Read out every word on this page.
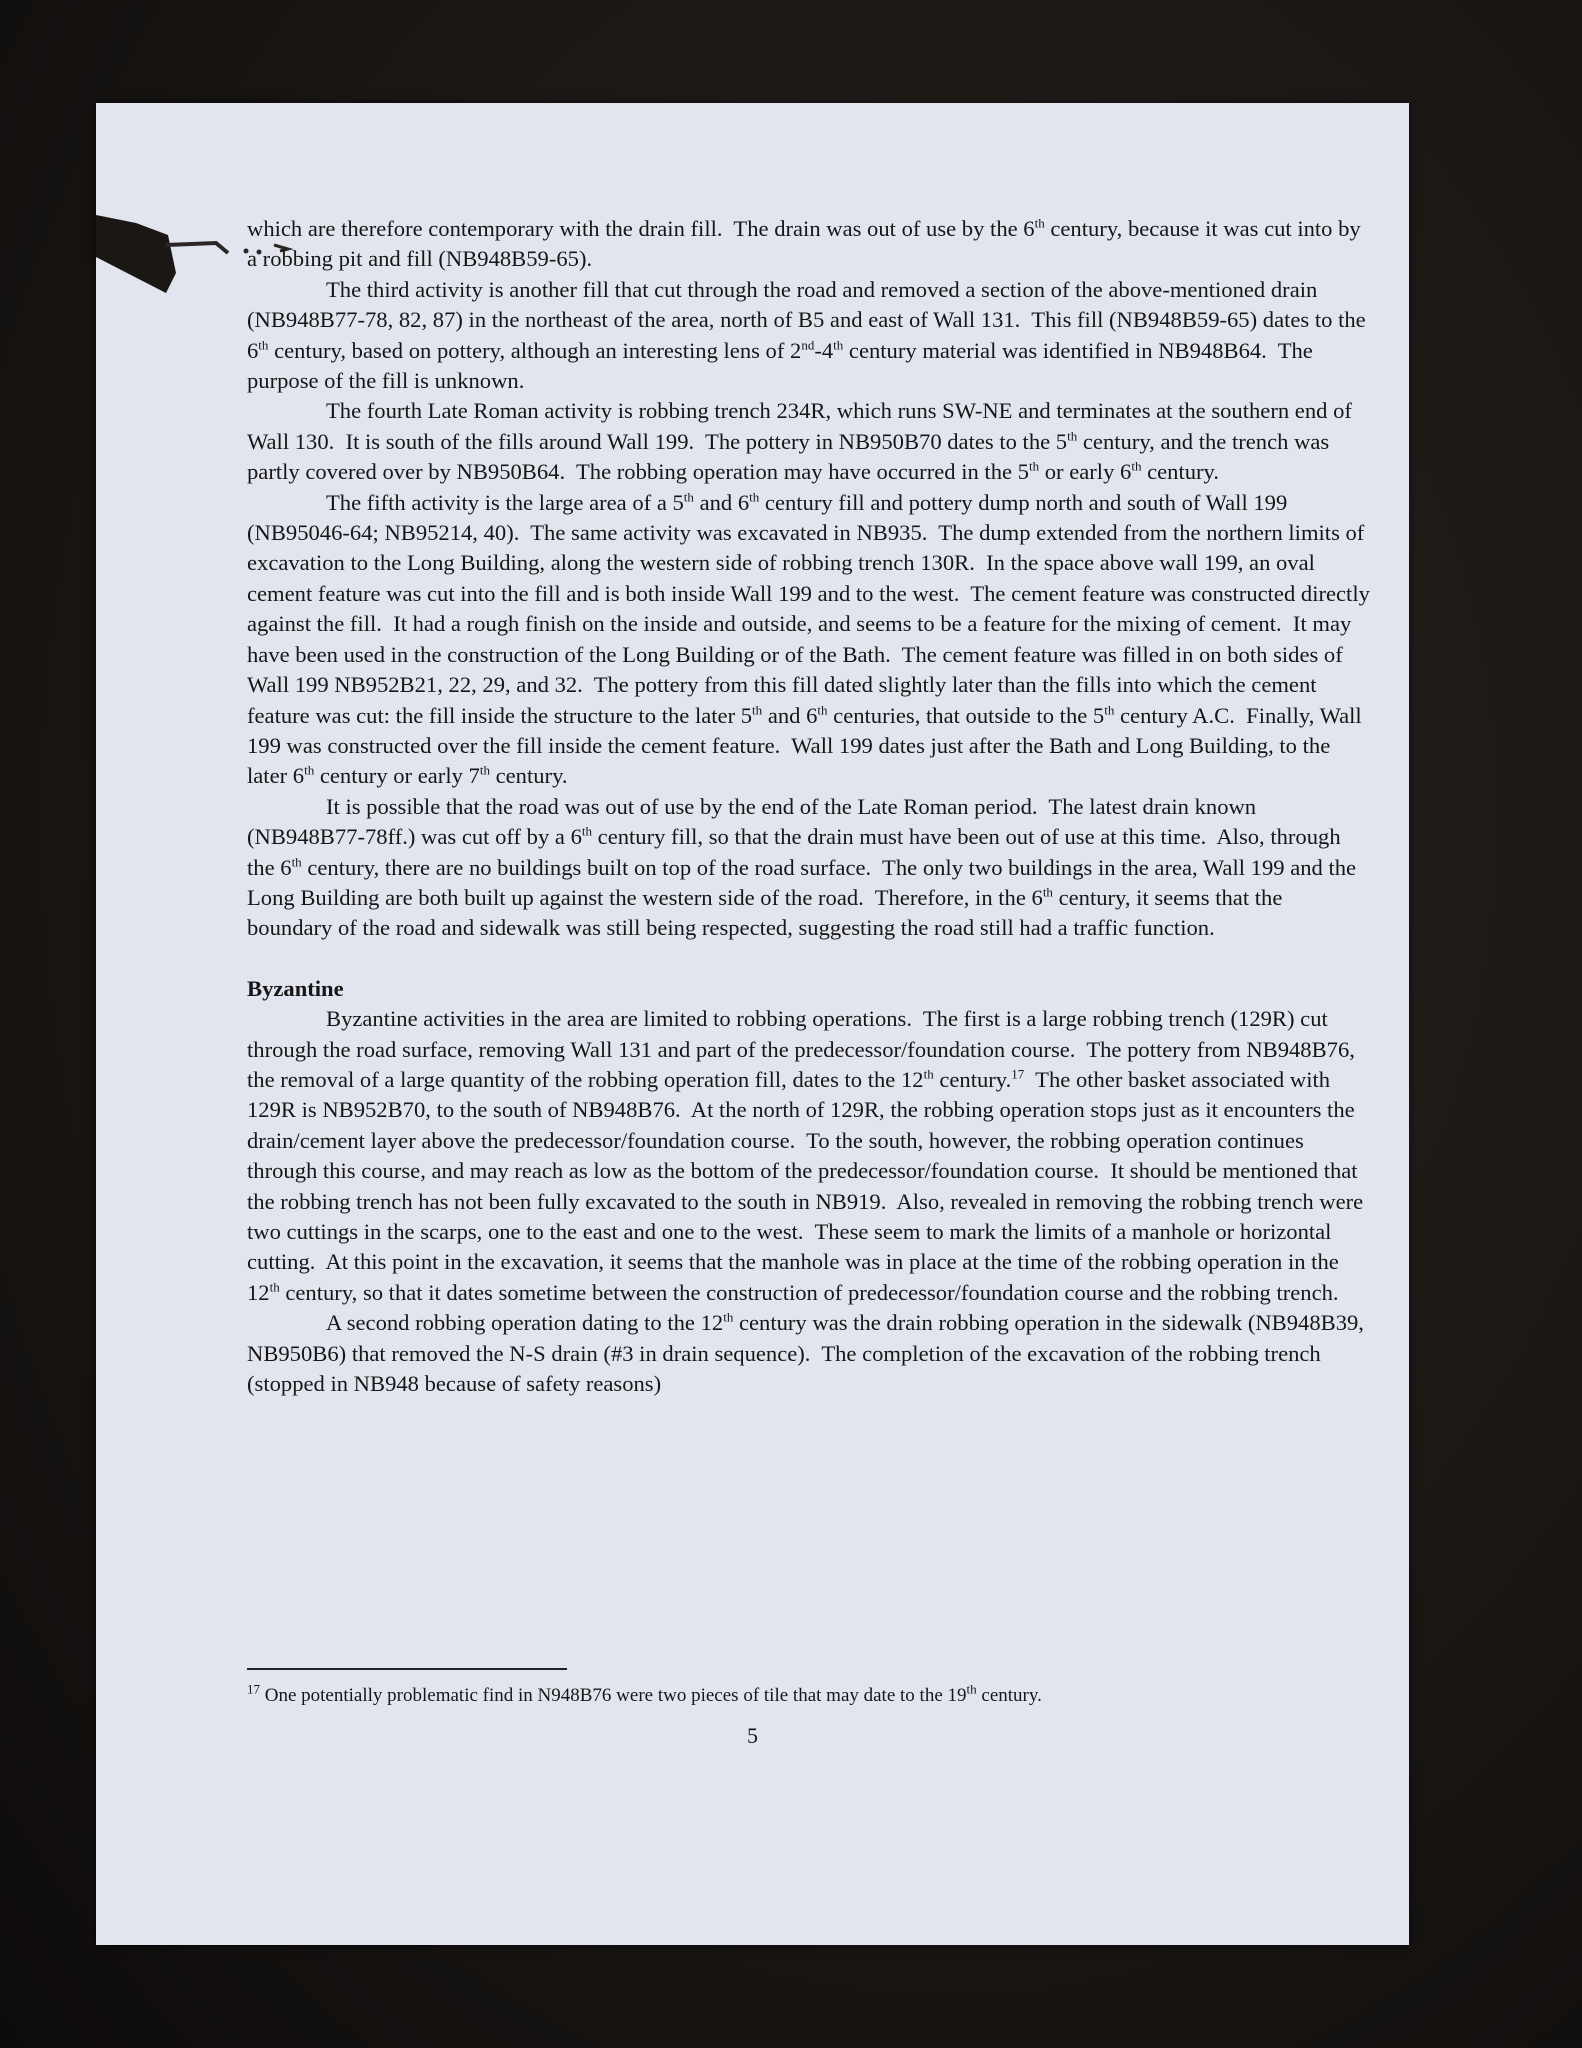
which are therefore contemporary with the drain fill.  The drain was out of use by the 6th century, because it was cut into by a robbing pit and fill (NB948B59-65).

The third activity is another fill that cut through the road and removed a section of the above-mentioned drain (NB948B77-78, 82, 87) in the northeast of the area, north of B5 and east of Wall 131.  This fill (NB948B59-65) dates to the 6th century, based on pottery, although an interesting lens of 2nd-4th century material was identified in NB948B64.  The purpose of the fill is unknown.

The fourth Late Roman activity is robbing trench 234R, which runs SW-NE and terminates at the southern end of Wall 130.  It is south of the fills around Wall 199.  The pottery in NB950B70 dates to the 5th century, and the trench was partly covered over by NB950B64.  The robbing operation may have occurred in the 5th or early 6th century.

The fifth activity is the large area of a 5th and 6th century fill and pottery dump north and south of Wall 199 (NB95046-64; NB95214, 40).  The same activity was excavated in NB935.  The dump extended from the northern limits of excavation to the Long Building, along the western side of robbing trench 130R.  In the space above wall 199, an oval cement feature was cut into the fill and is both inside Wall 199 and to the west.  The cement feature was constructed directly against the fill.  It had a rough finish on the inside and outside, and seems to be a feature for the mixing of cement.  It may have been used in the construction of the Long Building or of the Bath.  The cement feature was filled in on both sides of Wall 199 NB952B21, 22, 29, and 32.  The pottery from this fill dated slightly later than the fills into which the cement feature was cut: the fill inside the structure to the later 5th and 6th centuries, that outside to the 5th century A.C.  Finally, Wall 199 was constructed over the fill inside the cement feature.  Wall 199 dates just after the Bath and Long Building, to the later 6th century or early 7th century.

It is possible that the road was out of use by the end of the Late Roman period.  The latest drain known (NB948B77-78ff.) was cut off by a 6th century fill, so that the drain must have been out of use at this time.  Also, through the 6th century, there are no buildings built on top of the road surface.  The only two buildings in the area, Wall 199 and the Long Building are both built up against the western side of the road.  Therefore, in the 6th century, it seems that the boundary of the road and sidewalk was still being respected, suggesting the road still had a traffic function.

Byzantine

Byzantine activities in the area are limited to robbing operations.  The first is a large robbing trench (129R) cut through the road surface, removing Wall 131 and part of the predecessor/foundation course.  The pottery from NB948B76, the removal of a large quantity of the robbing operation fill, dates to the 12th century.$^{17}$  The other basket associated with 129R is NB952B70, to the south of NB948B76.  At the north of 129R, the robbing operation stops just as it encounters the drain/cement layer above the predecessor/foundation course.  To the south, however, the robbing operation continues through this course, and may reach as low as the bottom of the predecessor/foundation course.  It should be mentioned that the robbing trench has not been fully excavated to the south in NB919.  Also, revealed in removing the robbing trench were two cuttings in the scarps, one to the east and one to the west.  These seem to mark the limits of a manhole or horizontal cutting.  At this point in the excavation, it seems that the manhole was in place at the time of the robbing operation in the 12th century, so that it dates sometime between the construction of predecessor/foundation course and the robbing trench.

A second robbing operation dating to the 12th century was the drain robbing operation in the sidewalk (NB948B39, NB950B6) that removed the N-S drain (#3 in drain sequence).  The completion of the excavation of the robbing trench (stopped in NB948 because of safety reasons)

$^{17}$ One potentially problematic find in N948B76 were two pieces of tile that may date to the 19th century.
5
